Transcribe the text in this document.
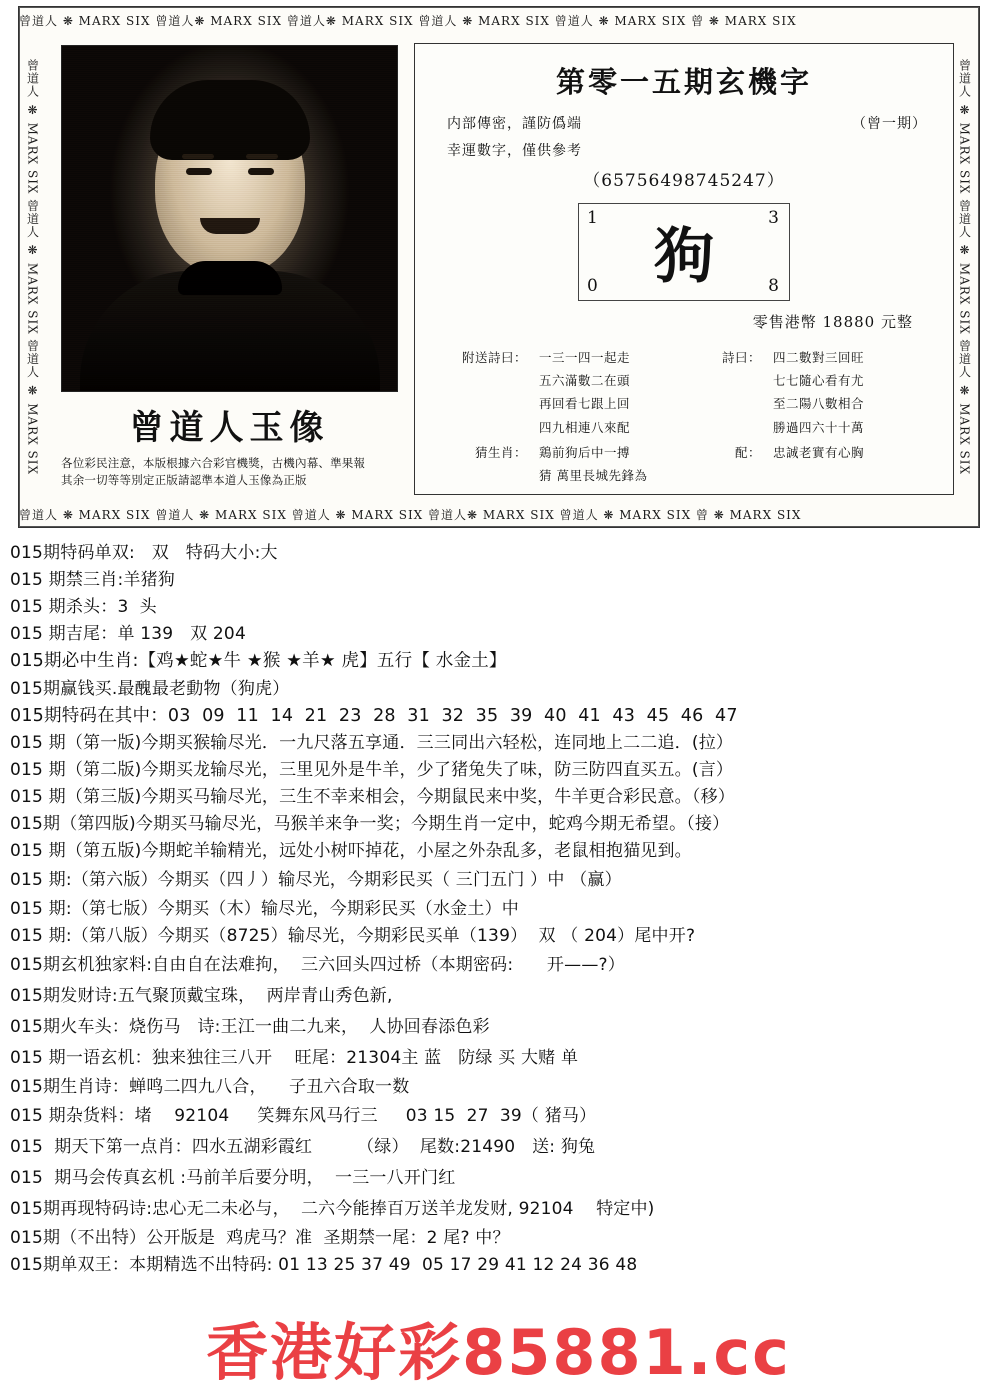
曾道人 ❋ MARX SIX 曾道人❋ MARX SIX 曾道人❋ MARX SIX 曾道人 ❋ MARX SIX 曾道人 ❋ MARX SIX 曾 ❋ MARX SIX
曾道人 ❋ MARX SIX 曾道人 ❋ MARX SIX 曾道人 ❋ MARX SIX 曾道人❋ MARX SIX 曾道人 ❋ MARX SIX 曾 ❋ MARX SIX
曾道人 ❋ MARX SIX 曾道人 ❋ MARX SIX 曾道人 ❋ MARX SIX	曾道人 ❋ MARX SIX 曾道人 ❋ MARX SIX 曾道人 ❋ MARX SIX
曾道人玉像
各位彩民注意，本版根據六合彩官機獎，古機內幕、準果報
其余一切等等別定正版請認準本道人玉像為正版
第零一五期玄機字
内部傳密，謹防僞端	（曾一期）
幸運數字，僅供參考
（65756498745247）
1	3
0	8
狗
零售港幣 18880 元整
附送詩曰： 一三一四一起走
五六滿數二在頭
再回看七跟上回
四九相連八來配
詩曰： 四二數對三回旺
七七隨心看有尤
至二陽八數相合
勝過四六十十萬
猜生肖： 鶏前狗后中一搏
猜 萬里長城先鋒為
配： 忠誠老實有心胸
015期特码单双:   双   特码大小:大
015 期禁三肖:羊猪狗
015 期杀头：3  头
015 期吉尾：单 139   双 204
015期必中生肖:【鸡★蛇★牛 ★猴 ★羊★ 虎】五行【 水金土】
015期赢钱买.最醜最老動物（狗虎）
015期特码在其中：03  09  11  14  21  23  28  31  32  35  39  40  41  43  45  46  47
015 期（第一版)今期买猴输尽光．一九尺落五享通．三三同出六轻松，连同地上二二追．(拉）
015 期（第二版)今期买龙输尽光，三里见外是牛羊，少了猪兔失了味，防三防四直买五。(言）
015 期（第三版)今期买马输尽光，三生不幸来相会，今期鼠民来中奖，牛羊更合彩民意。（移）
015期（第四版)今期买马输尽光，马猴羊来争一奖；今期生肖一定中，蛇鸡今期无希望。（接）
015 期（第五版)今期蛇羊输精光，远处小树吓掉花，小屋之外杂乱多，老鼠相抱猫见到。
015 期:（第六版）今期买（四丿）输尽光，今期彩民买（ 三门五门 ）中 （赢）
015 期:（第七版）今期买（木）输尽光，今期彩民买（水金土）中
015 期:（第八版）今期买（8725）输尽光，今期彩民买单（139）  双 （ 204）尾中开?
015期玄机独家料:自由自在法难拘，  三六回头四过桥（本期密码:      开——?）
015期发财诗:五气聚顶戴宝珠，  两岸青山秀色新,
015期火车头：烧伤马   诗:王江一曲二九来，  人协回春添色彩
015 期一语玄机：独来独往三八开    旺尾：21304主 蓝   防绿 买 大赌 单
015期生肖诗：蝉鸣二四九八合，    子丑六合取一数
015 期杂货料：堵    92104     笑舞东风马行三     03 15  27  39（ 猪马）
015  期天下第一点肖：四水五湖彩霞红        （绿）  尾数:21490   送: 狗兔
015  期马会传真玄机 :马前羊后要分明，  一三一八开门红
015期再现特码诗:忠心无二未必与，  二六今能捧百万送羊龙发财, 92104    特定中)
015期（不出特）公开版是  鸡虎马？准  圣期禁一尾：2 尾? 中？
015期单双王：本期精选不出特码: 01 13 25 37 49  05 17 29 41 12 24 36 48
香港好彩85881.cc
